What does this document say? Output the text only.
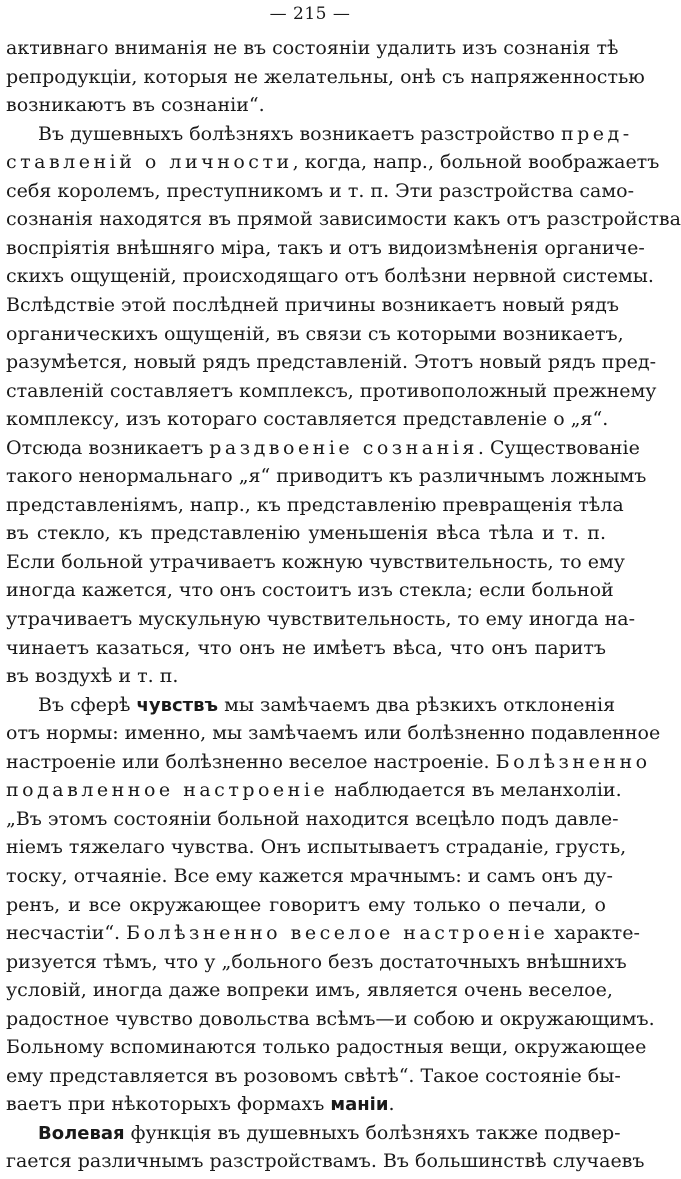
— 215 —
активнаго вниманія не въ состояніи удалить изъ сознанія тѣ
репродукціи, которыя не желательны, онѣ съ напряженностью
возникаютъ въ сознаніи“.
Въ душевныхъ болѣзняхъ возникаетъ разстройство пред-
ставленій о личности, когда, напр., больной воображаетъ
себя королемъ, преступникомъ и т. п. Эти разстройства само-
сознанія находятся въ прямой зависимости какъ отъ разстройства
воспріятія внѣшняго міра, такъ и отъ видоизмѣненія органиче-
скихъ ощущеній, происходящаго отъ болѣзни нервной системы.
Вслѣдствіе этой послѣдней причины возникаетъ новый рядъ
органическихъ ощущеній, въ связи съ которыми возникаетъ,
разумѣется, новый рядъ представленій. Этотъ новый рядъ пред-
ставленій составляетъ комплексъ, противоположный прежнему
комплексу, изъ котораго составляется представленіе о „я“.
Отсюда возникаетъ раздвоеніе сознанія. Существованіе
такого ненормальнаго „я“ приводитъ къ различнымъ ложнымъ
представленіямъ, напр., къ представленію превращенія тѣла
въ стекло, къ представленію уменьшенія вѣса тѣла и т. п.
Если больной утрачиваетъ кожную чувствительность, то ему
иногда кажется, что онъ состоитъ изъ стекла; если больной
утрачиваетъ мускульную чувствительность, то ему иногда на-
чинаетъ казаться, что онъ не имѣетъ вѣса, что онъ паритъ
въ воздухѣ и т. п.
Въ сферѣ чувствъ мы замѣчаемъ два рѣзкихъ отклоненія
отъ нормы: именно, мы замѣчаемъ или болѣзненно подавленное
настроеніе или болѣзненно веселое настроеніе. Болѣзненно
подавленное настроеніе наблюдается въ меланхоліи.
„Въ этомъ состояніи больной находится всецѣло подъ давле-
ніемъ тяжелаго чувства. Онъ испытываетъ страданіе, грусть,
тоску, отчаяніе. Все ему кажется мрачнымъ: и самъ онъ ду-
ренъ, и все окружающее говоритъ ему только о печали, о
несчастіи“. Болѣзненно веселое настроеніе характе-
ризуется тѣмъ, что у „больного безъ достаточныхъ внѣшнихъ
условій, иногда даже вопреки имъ, является очень веселое,
радостное чувство довольства всѣмъ—и собою и окружающимъ.
Больному вспоминаются только радостныя вещи, окружающее
ему представляется въ розовомъ свѣтѣ“. Такое состояніе бы-
ваетъ при нѣкоторыхъ формахъ маніи.
Волевая функція въ душевныхъ болѣзняхъ также подвер-
гается различнымъ разстройствамъ. Въ большинствѣ случаевъ
